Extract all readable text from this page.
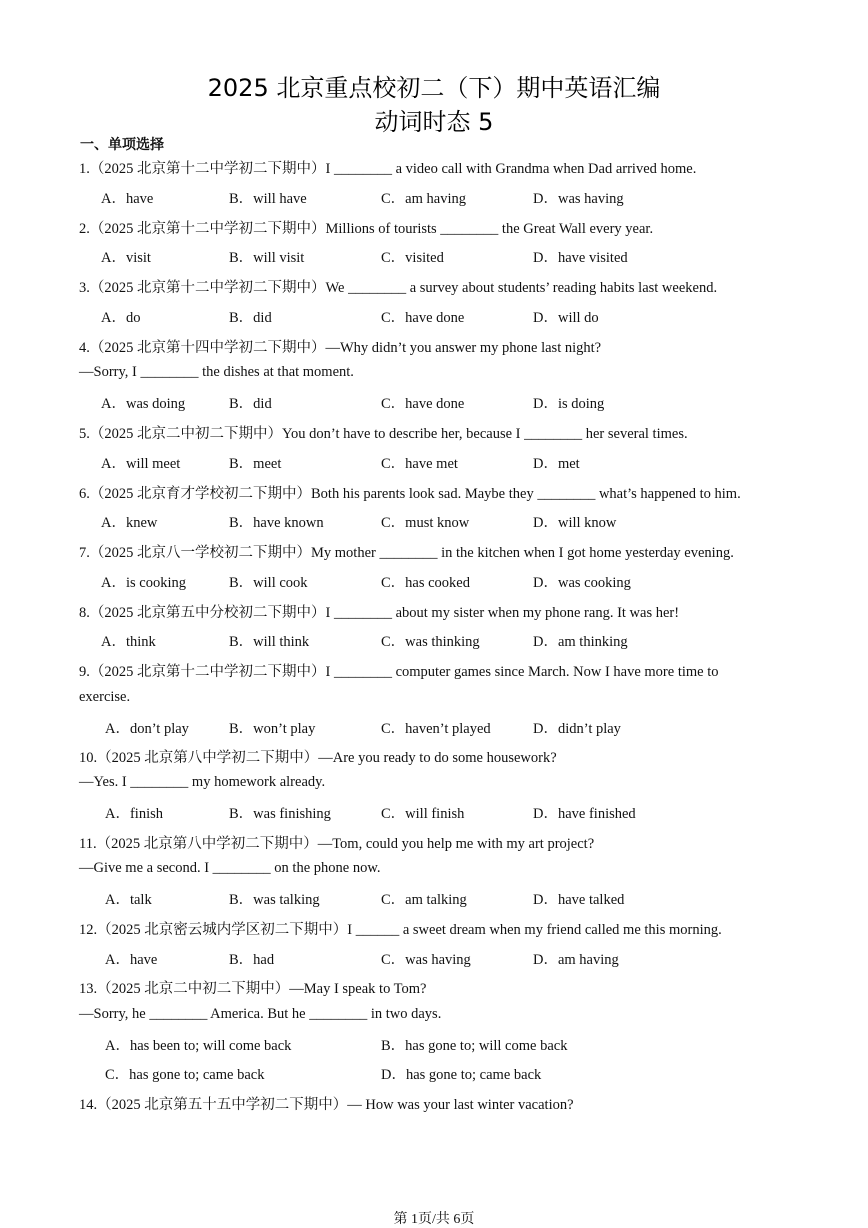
2025 北京重点校初二（下）期中英语汇编
动词时态 5
一、单项选择
1.（2025 北京第十二中学初二下期中）I ________ a video call with Grandma when Dad arrived home.
A．have	B．will have	C．am having	D．was having
2.（2025 北京第十二中学初二下期中）Millions of tourists ________ the Great Wall every year.
A．visit	B．will visit	C．visited	D．have visited
3.（2025 北京第十二中学初二下期中）We ________ a survey about students’ reading habits last weekend.
A．do	B．did	C．have done	D．will do
4.（2025 北京第十四中学初二下期中）—Why didn’t you answer my phone last night?
—Sorry, I ________ the dishes at that moment.
A．was doing	B．did	C．have done	D．is doing
5.（2025 北京二中初二下期中）You don’t have to describe her, because I ________ her several times.
A．will meet	B．meet	C．have met	D．met
6.（2025 北京育才学校初二下期中）Both his parents look sad. Maybe they ________ what’s happened to him.
A．knew	B．have known	C．must know	D．will know
7.（2025 北京八一学校初二下期中）My mother ________ in the kitchen when I got home yesterday evening.
A．is cooking	B．will cook	C．has cooked	D．was cooking
8.（2025 北京第五中分校初二下期中）I ________ about my sister when my phone rang. It was her!
A．think	B．will think	C．was thinking	D．am thinking
9.（2025 北京第十二中学初二下期中）I ________ computer games since March. Now I have more time to
exercise.
A．don’t play	B．won’t play	C．haven’t played	D．didn’t play
10.（2025 北京第八中学初二下期中）—Are you ready to do some housework?
—Yes. I ________ my homework already.
A．finish	B．was finishing	C．will finish	D．have finished
11.（2025 北京第八中学初二下期中）—Tom, could you help me with my art project?
—Give me a second. I ________ on the phone now.
A．talk	B．was talking	C．am talking	D．have talked
12.（2025 北京密云城内学区初二下期中）I ______ a sweet dream when my friend called me this morning.
A．have	B．had	C．was having	D．am having
13.（2025 北京二中初二下期中）—May I speak to Tom?
—Sorry, he ________ America. But he ________ in two days.
A．has been to; will come back	B．has gone to; will come back
C．has gone to; came back	D．has gone to; came back
14.（2025 北京第五十五中学初二下期中）— How was your last winter vacation?
第 1页/共 6页
